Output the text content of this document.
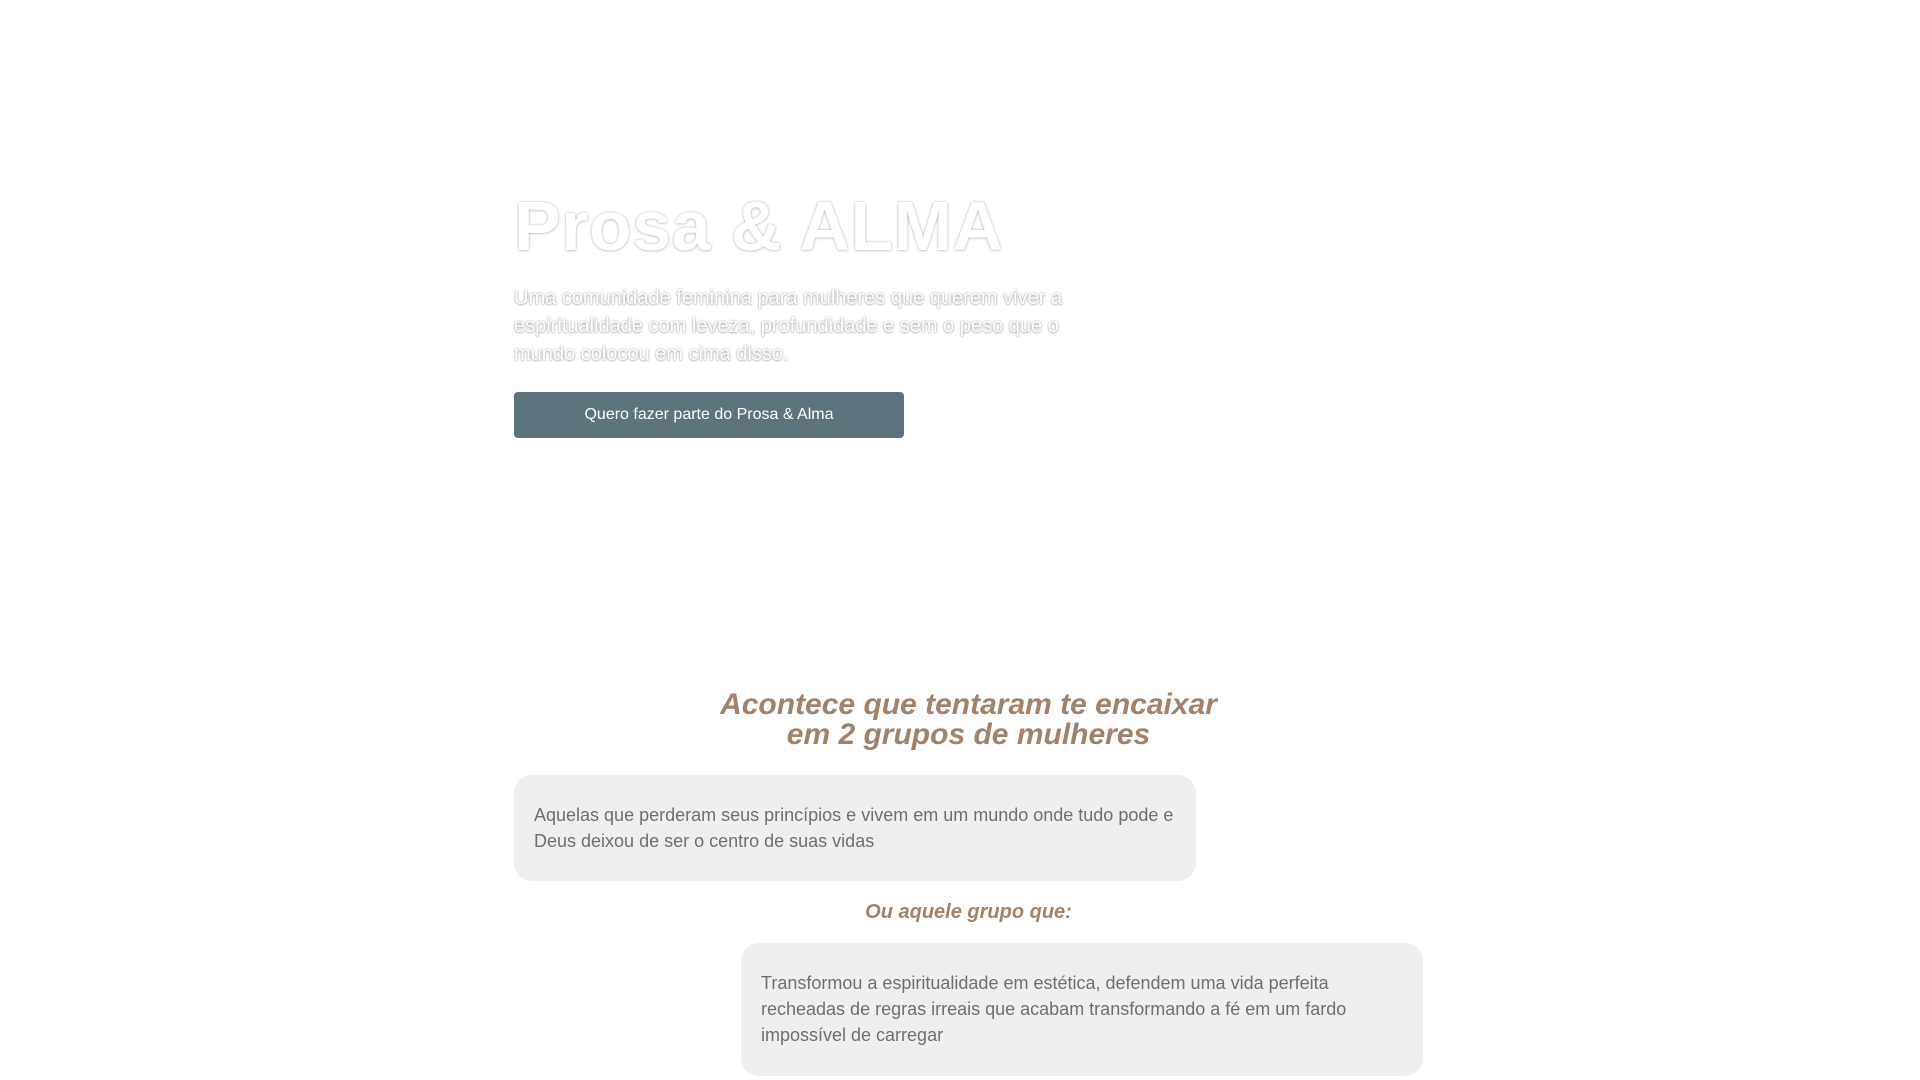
Prosa & ALMA

Uma comunidade feminina para mulheres que querem viver a espiritualidade com leveza, profundidade e sem o peso que o mundo colocou em cima disso.

Quero fazer parte do Prosa & Alma
Acontece que tentaram te encaixar
em 2 grupos de mulheres
Aquelas que perderam seus princípios e vivem em um mundo onde tudo pode e Deus deixou de ser o centro de suas vidas

Ou aquele grupo que:

Transformou a espiritualidade em estética, defendem uma vida perfeita recheadas de regras irreais que acabam transformando a fé em um fardo impossível de carregar
